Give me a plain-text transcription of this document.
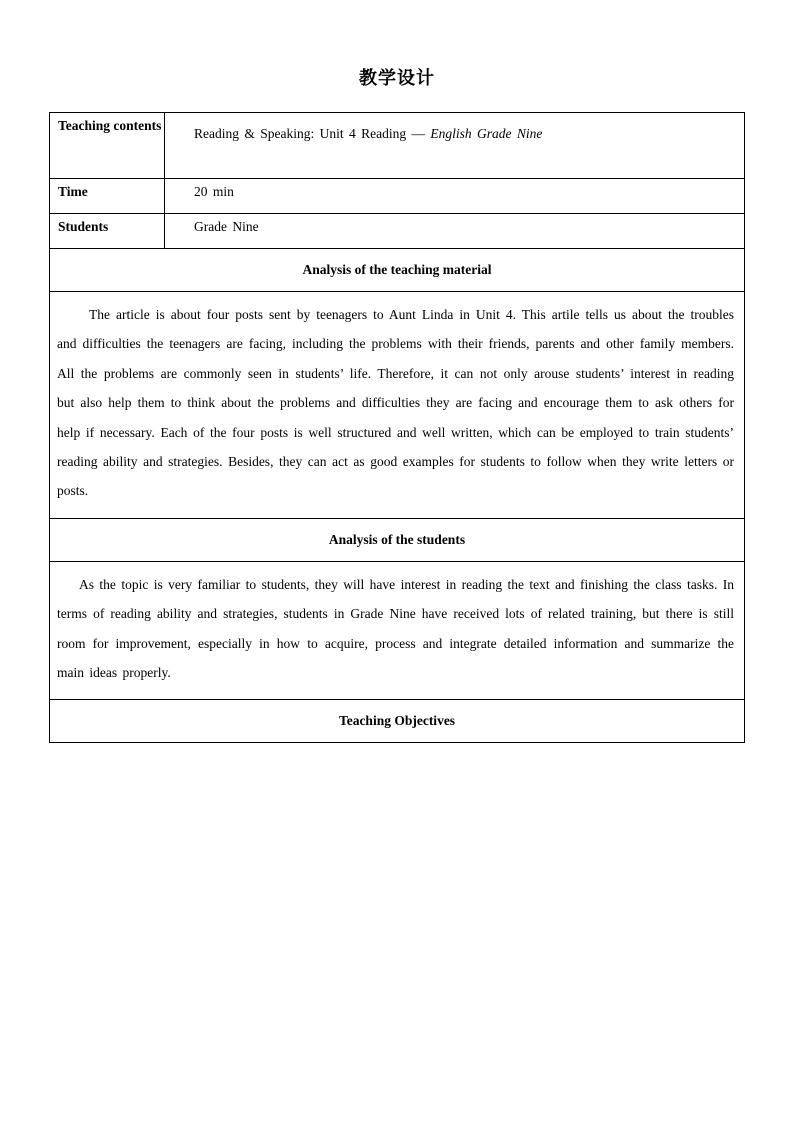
教学设计
Teaching contents	Reading & Speaking: Unit 4 Reading — English Grade Nine
Time	20 min
Students	Grade Nine
Analysis of the teaching material	
The article is about four posts sent by teenagers to Aunt Linda in Unit 4. This artile tells us about the troubles and difficulties the teenagers are facing, including the problems with their friends, parents and other family members. All the problems are commonly seen in students’ life. Therefore, it can not only arouse students’ interest in reading but also help them to think about the problems and difficulties they are facing and encourage them to ask others for help if necessary. Each of the four posts is well structured and well written, which can be employed to train students’ reading ability and strategies. Besides, they can act as good examples for students to follow when they write letters or posts.	
Analysis of the students	
As the topic is very familiar to students, they will have interest in reading the text and finishing the class tasks. In terms of reading ability and strategies, students in Grade Nine have received lots of related training, but there is still room for improvement, especially in how to acquire, process and integrate detailed information and summarize the main ideas properly.	
Teaching Objectives	
